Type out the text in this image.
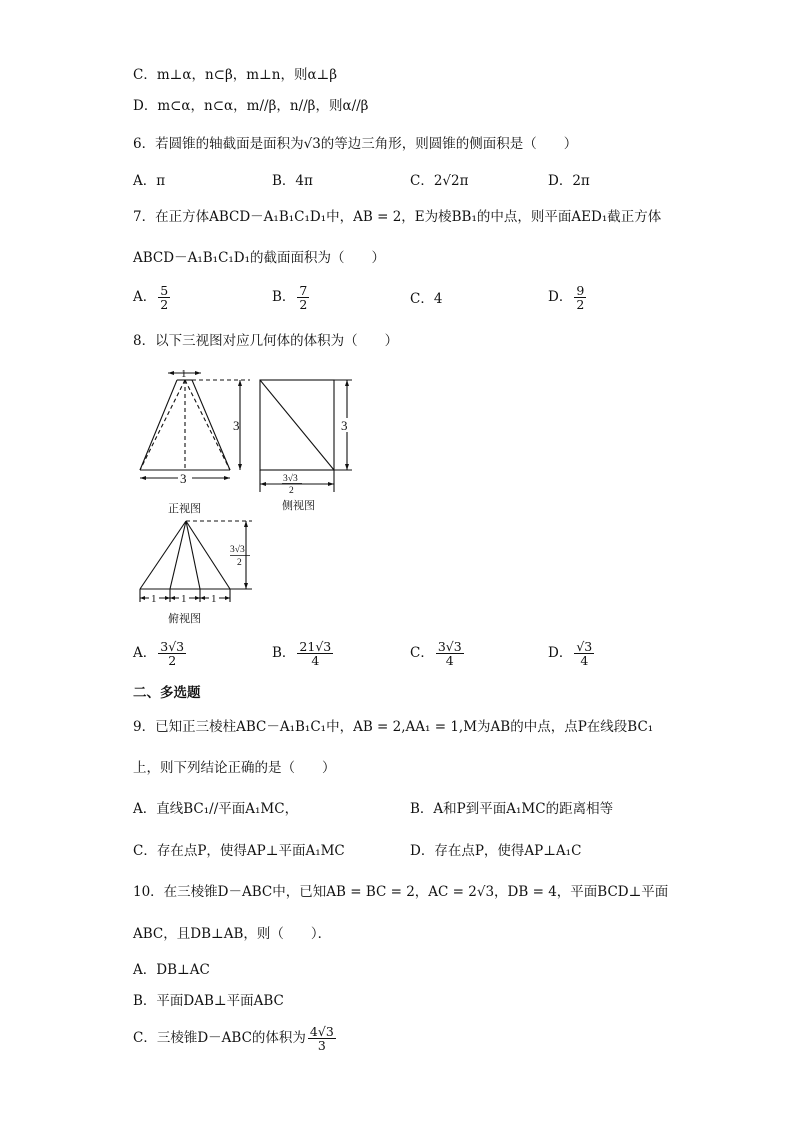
C．m⊥α，n⊂β，m⊥n，则α⊥β
D．m⊂α，n⊂α，m//β，n//β，则α//β
6．若圆锥的轴截面是面积为√3的等边三角形，则圆锥的侧面积是（　　）
A．π	B．4π	C．2√2π	D．2π
7．在正方体ABCD－A₁B₁C₁D₁中，AB = 2，E为棱BB₁的中点，则平面AED₁截正方体
ABCD－A₁B₁C₁D₁的截面面积为（　　）
A． $\frac{5}{2}$	B． $\frac{7}{2}$	C．4	D． $\frac{9}{2}$
8．以下三视图对应几何体的体积为（　　）
1
3
3
3
3√3
2
3√3
2
1 1 1
正视图	侧视图
俯视图
A． $\frac{3√3}{2}$	B． $\frac{21√3}{4}$	C． $\frac{3√3}{4}$	D． $\frac{√3}{4}$
二、多选题
9．已知正三棱柱ABC－A₁B₁C₁中，AB = 2,AA₁ = 1,M为AB的中点，点P在线段BC₁
上，则下列结论正确的是（　　）
A．直线BC₁//平面A₁MC，	B．A和P到平面A₁MC的距离相等
C．存在点P，使得AP⊥平面A₁MC	D．存在点P，使得AP⊥A₁C
10．在三棱锥D－ABC中，已知AB = BC = 2，AC = 2√3，DB = 4，平面BCD⊥平面
ABC，且DB⊥AB，则（　　）．
A．DB⊥AC
B．平面DAB⊥平面ABC
C．三棱锥D－ABC的体积为 $\frac{4√3}{3}$
